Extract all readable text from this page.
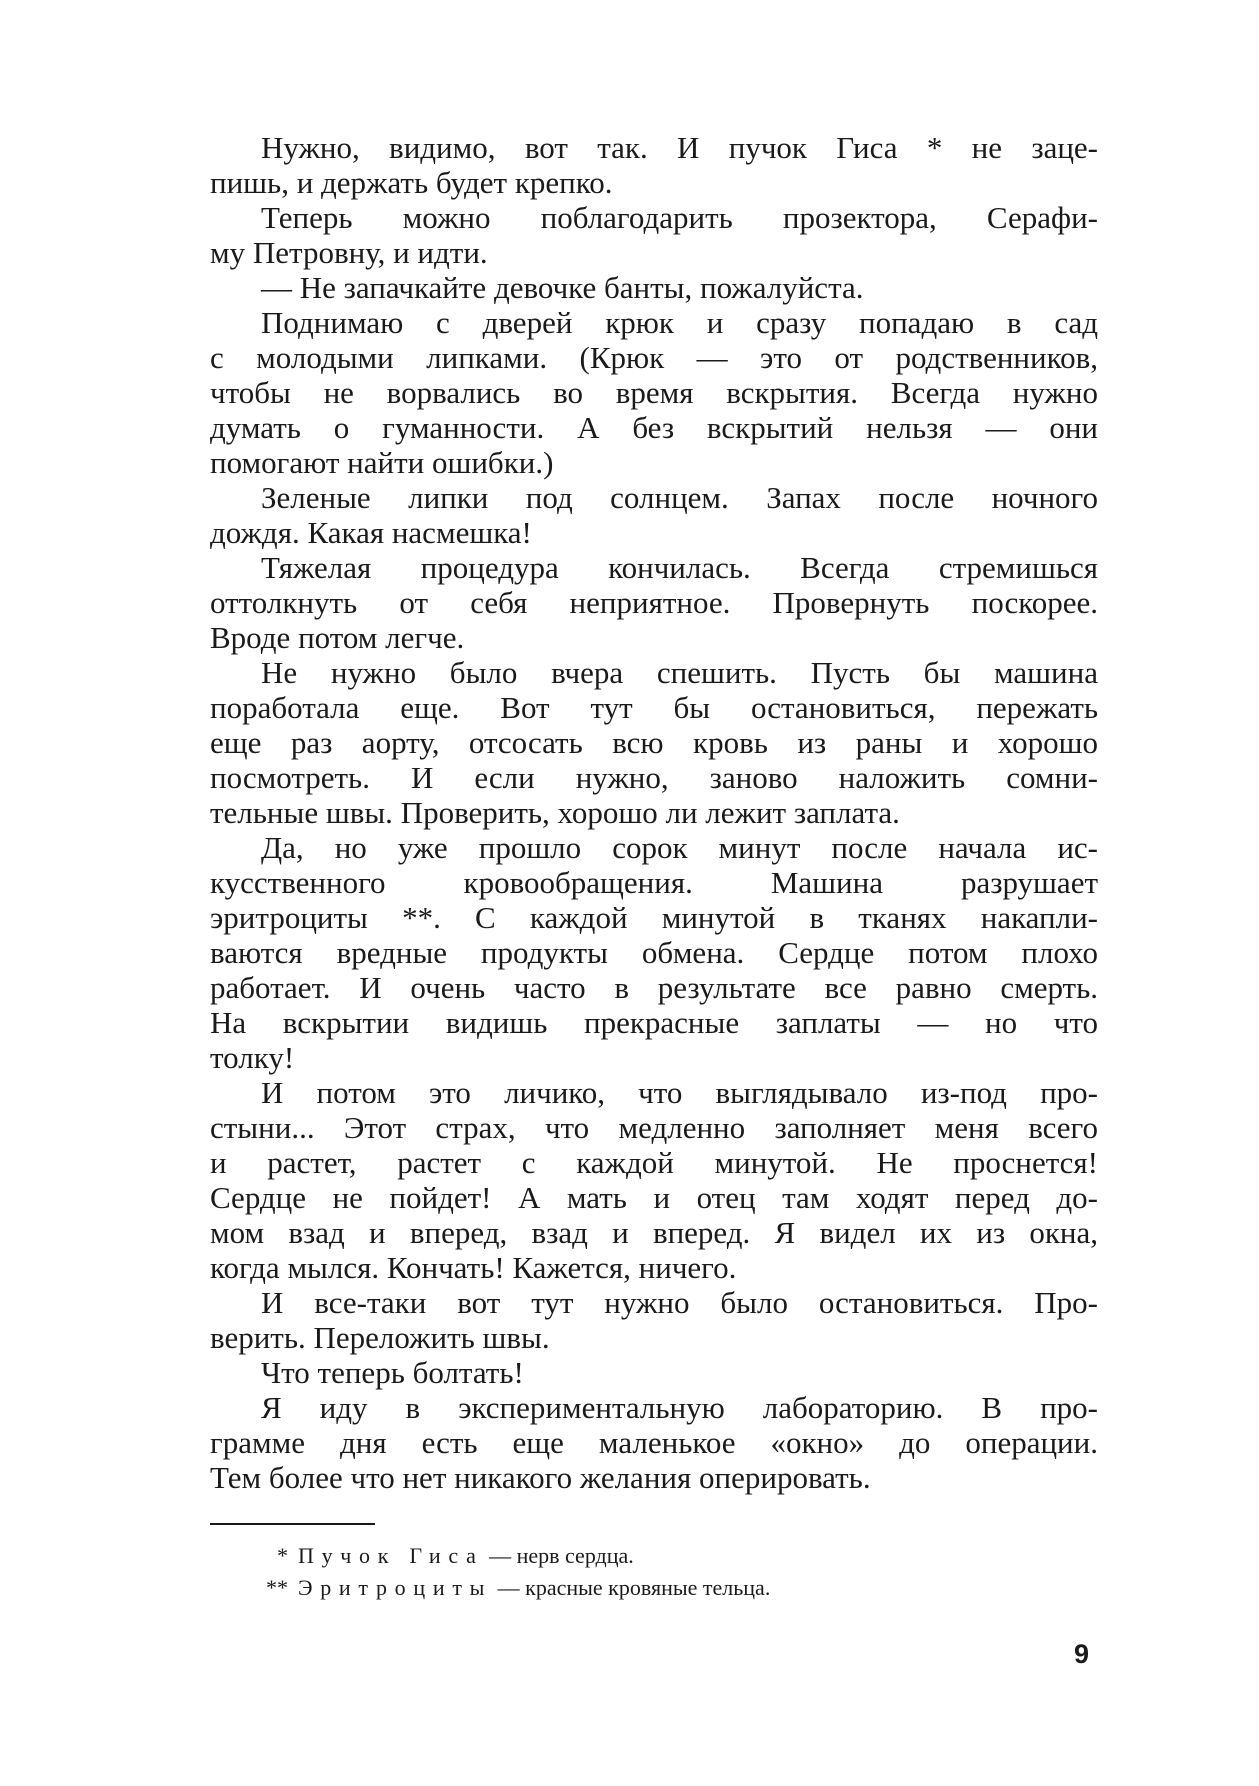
Нужно, видимо, вот так. И пучок Гиса * не заце-
пишь, и держать будет крепко.
Теперь можно поблагодарить прозектора, Серафи-
му Петровну, и идти.
— Не запачкайте девочке банты, пожалуйста.
Поднимаю с дверей крюк и сразу попадаю в сад
с молодыми липками. (Крюк — это от родственников,
чтобы не ворвались во время вскрытия. Всегда нужно
думать о гуманности. А без вскрытий нельзя — они
помогают найти ошибки.)
Зеленые липки под солнцем. Запах после ночного
дождя. Какая насмешка!
Тяжелая процедура кончилась. Всегда стремишься
оттолкнуть от себя неприятное. Провернуть поскорее.
Вроде потом легче.
Не нужно было вчера спешить. Пусть бы машина
поработала еще. Вот тут бы остановиться, пережать
еще раз аорту, отсосать всю кровь из раны и хорошо
посмотреть. И если нужно, заново наложить сомни-
тельные швы. Проверить, хорошо ли лежит заплата.
Да, но уже прошло сорок минут после начала ис-
кусственного кровообращения. Машина разрушает
эритроциты **. С каждой минутой в тканях накапли-
ваются вредные продукты обмена. Сердце потом плохо
работает. И очень часто в результате все равно смерть.
На вскрытии видишь прекрасные заплаты — но что
толку!
И потом это личико, что выглядывало из-под про-
стыни... Этот страх, что медленно заполняет меня всего
и растет, растет с каждой минутой. Не проснется!
Сердце не пойдет! А мать и отец там ходят перед до-
мом взад и вперед, взад и вперед. Я видел их из окна,
когда мылся. Кончать! Кажется, ничего.
И все-таки вот тут нужно было остановиться. Про-
верить. Переложить швы.
Что теперь болтать!
Я иду в экспериментальную лабораторию. В про-
грамме дня есть еще маленькое «окно» до операции.
Тем более что нет никакого желания оперировать.
* Пучок Гиса — нерв сердца.
** Эритроциты — красные кровяные тельца.
9
